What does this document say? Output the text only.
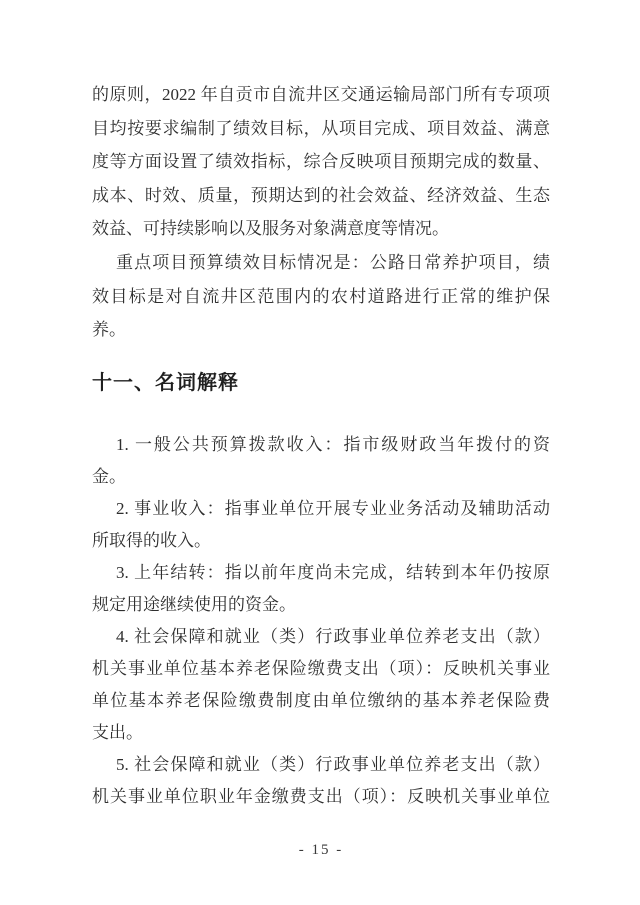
的原则，2022 年自贡市自流井区交通运输局部门所有专项项
目均按要求编制了绩效目标，从项目完成、项目效益、满意
度等方面设置了绩效指标，综合反映项目预期完成的数量、
成本、时效、质量，预期达到的社会效益、经济效益、生态
效益、可持续影响以及服务对象满意度等情况。
重点项目预算绩效目标情况是：公路日常养护项目，绩
效目标是对自流井区范围内的农村道路进行正常的维护保
养。
十一、名词解释
1. 一般公共预算拨款收入：指市级财政当年拨付的资
金。
2. 事业收入：指事业单位开展专业业务活动及辅助活动
所取得的收入。
3. 上年结转：指以前年度尚未完成，结转到本年仍按原
规定用途继续使用的资金。
4. 社会保障和就业（类）行政事业单位养老支出（款）
机关事业单位基本养老保险缴费支出（项）：反映机关事业
单位基本养老保险缴费制度由单位缴纳的基本养老保险费
支出。
5. 社会保障和就业（类）行政事业单位养老支出（款）
机关事业单位职业年金缴费支出（项）：反映机关事业单位
- 15 -
